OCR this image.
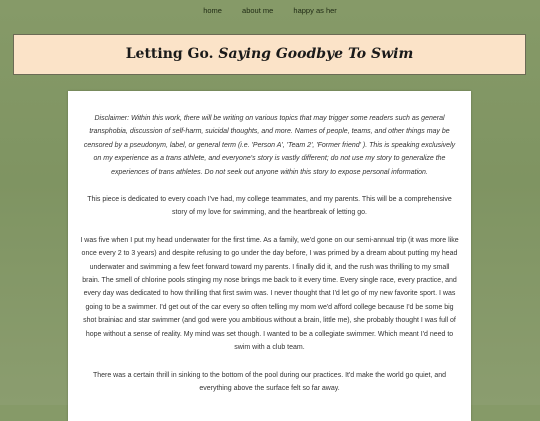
home	about me	happy as her
Letting Go. Saying Goodbye To Swim

Disclaimer: Within this work, there will be writing on various topics that may trigger some readers such as general transphobia, discussion of self-harm, suicidal thoughts, and more. Names of people, teams, and other things may be censored by a pseudonym, label, or general term (i.e. 'Person A', 'Team 2', 'Former friend' ). This is speaking exclusively on my experience as a trans athlete, and everyone's story is vastly different; do not use my story to generalize the experiences of trans athletes. Do not seek out anyone within this story to expose personal information.

This piece is dedicated to every coach I've had, my college teammates, and my parents. This will be a comprehensive story of my love for swimming, and the heartbreak of letting go.

I was five when I put my head underwater for the first time. As a family, we'd gone on our semi-annual trip (it was more like once every 2 to 3 years) and despite refusing to go under the day before, I was primed by a dream about putting my head underwater and swimming a few feet forward toward my parents. I finally did it, and the rush was thrilling to my small brain. The smell of chlorine pools stinging my nose brings me back to it every time. Every single race, every practice, and every day was dedicated to how thrilling that first swim was. I never thought that I'd let go of my new favorite sport. I was going to be a swimmer. I'd get out of the car every so often telling my mom we'd afford college because I'd be some big shot brainiac and star swimmer (and god were you ambitious without a brain, little me), she probably thought I was full of hope without a sense of reality. My mind was set though. I wanted to be a collegiate swimmer. Which meant I'd need to swim with a club team.

There was a certain thrill in sinking to the bottom of the pool during our practices. It'd make the world go quiet, and everything above the surface felt so far away.
